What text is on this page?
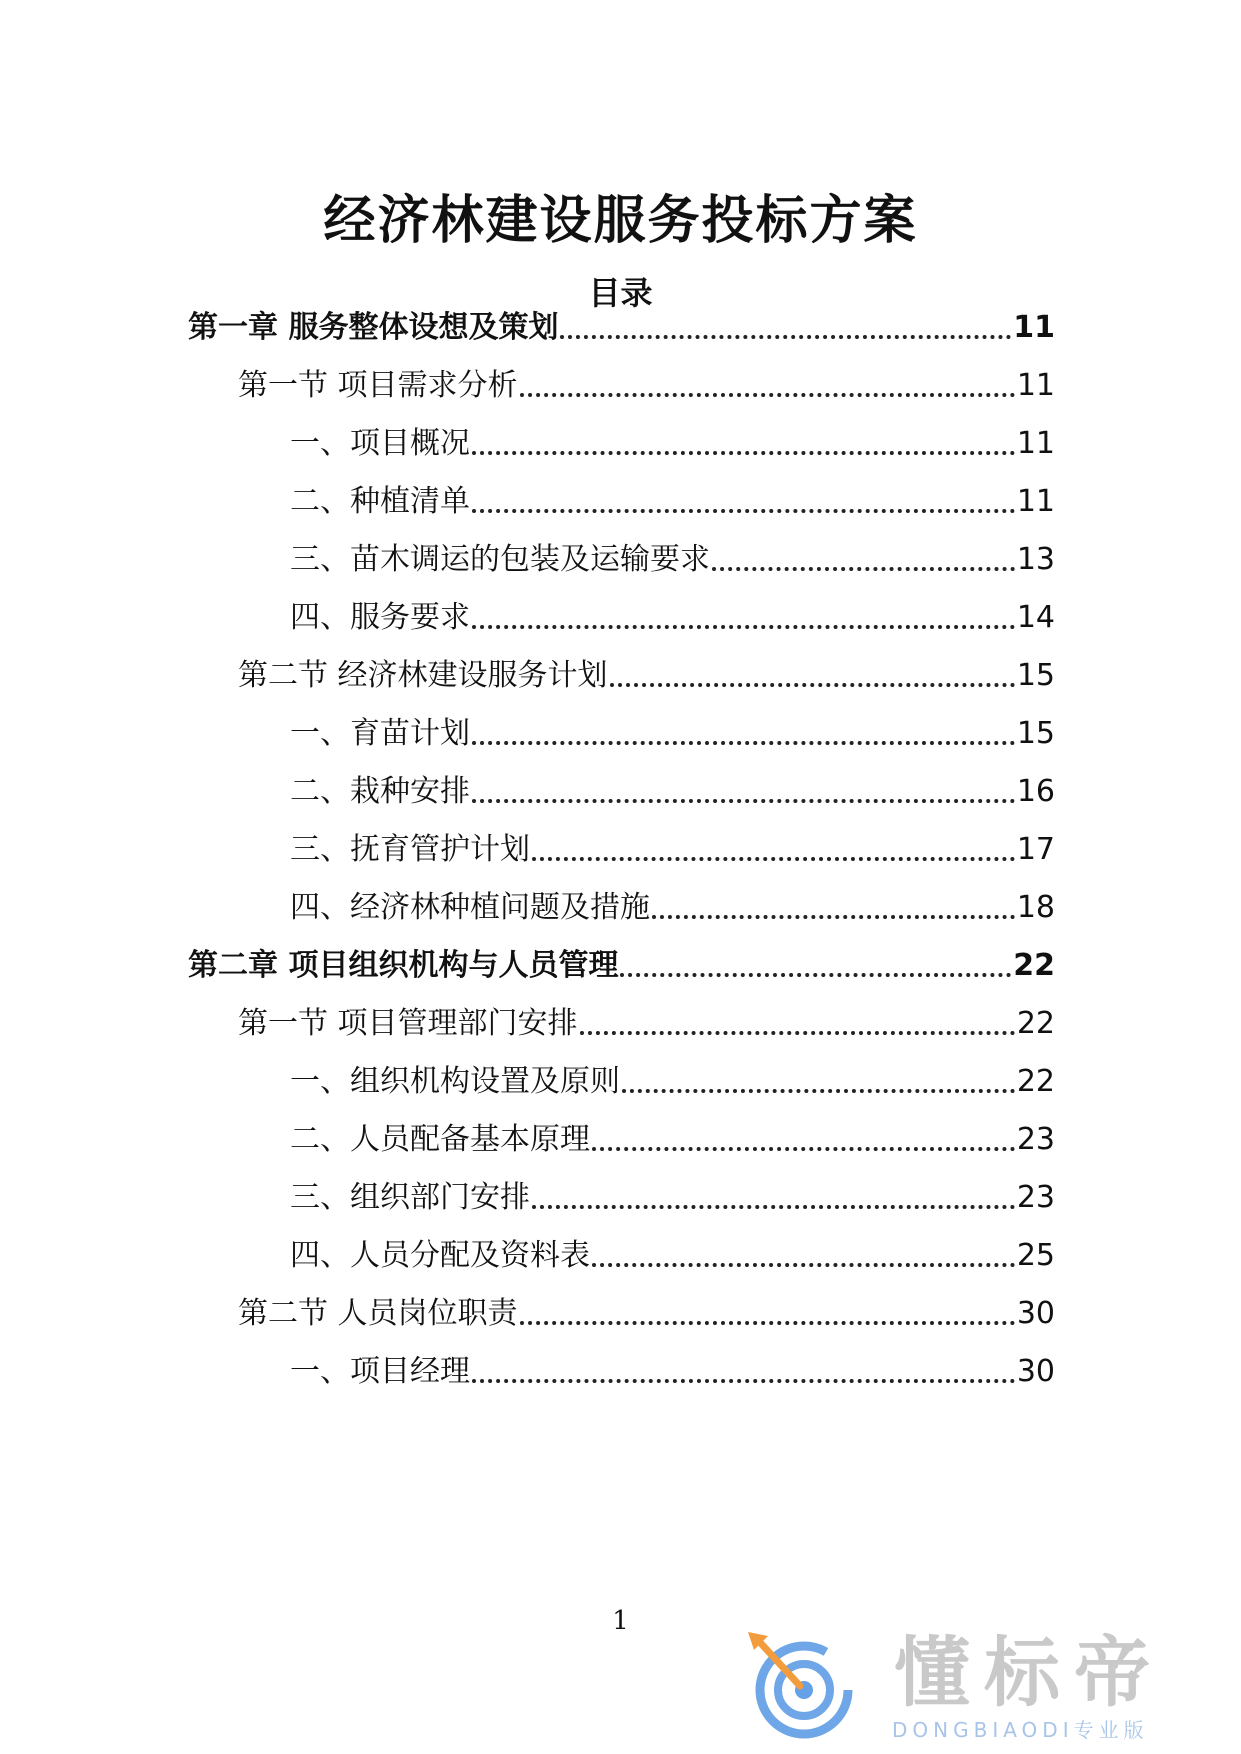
经济林建设服务投标方案
目录
第一章 服务整体设想及策划	11
第一节 项目需求分析	11
一、项目概况	11
二、种植清单	11
三、苗木调运的包装及运输要求	13
四、服务要求	14
第二节 经济林建设服务计划	15
一、育苗计划	15
二、栽种安排	16
三、抚育管护计划	17
四、经济林种植问题及措施	18
第二章 项目组织机构与人员管理	22
第一节 项目管理部门安排	22
一、组织机构设置及原则	22
二、人员配备基本原理	23
三、组织部门安排	23
四、人员分配及资料表	25
第二节 人员岗位职责	30
一、项目经理	30
1
懂标帝
DONGBIAODI专业版
